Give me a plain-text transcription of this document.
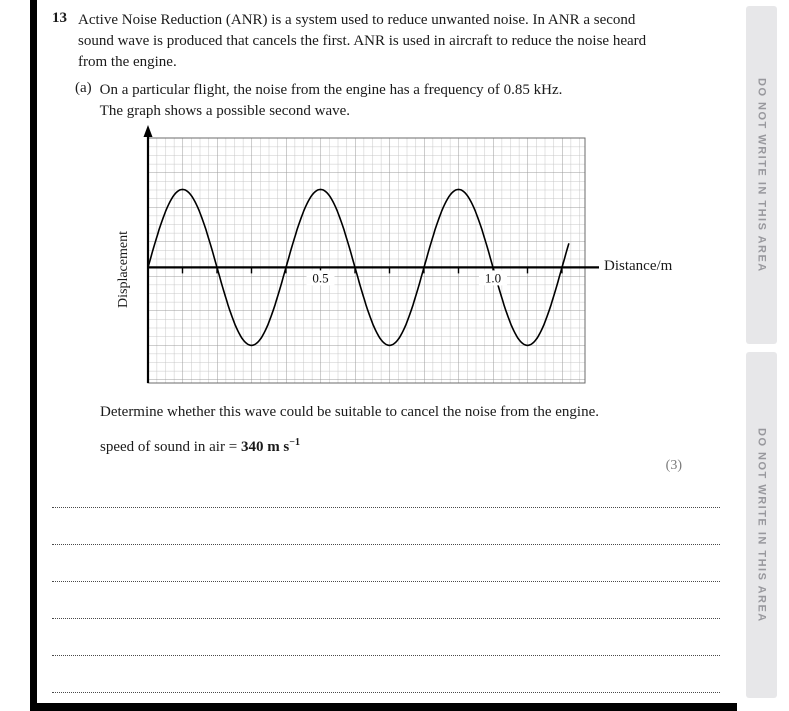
13 Active Noise Reduction (ANR) is a system used to reduce unwanted noise. In ANR a second sound wave is produced that cancels the first. ANR is used in aircraft to reduce the noise heard from the engine.

(a) On a particular flight, the noise from the engine has a frequency of 0.85 kHz.

The graph shows a possible second wave.

Displacement	0.5	1.0
Distance/m

Determine whether this wave could be suitable to cancel the noise from the engine.

speed of sound in air = 340 m $s^{-1}$

(3)
DO NOT WRITE IN THIS AREA
DO NOT WRITE IN THIS AREA
